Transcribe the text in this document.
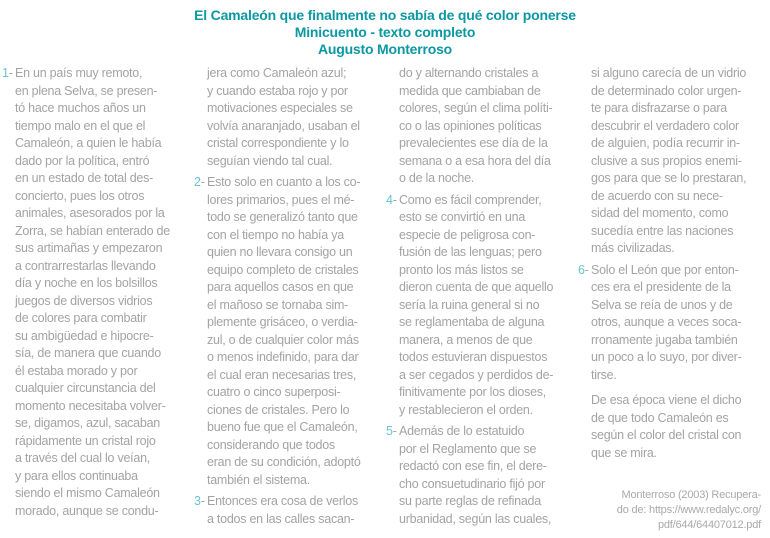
El Camaleón que finalmente no sabía de qué color ponerse
Minicuento - texto completo
Augusto Monterroso
1- En un país muy remoto,
en plena Selva, se presen-
tó hace muchos años un
tiempo malo en el que el
Camaleón, a quien le había
dado por la política, entró
en un estado de total des-
concierto, pues los otros
animales, asesorados por la
Zorra, se habían enterado de
sus artimañas y empezaron
a contrarrestarlas llevando
día y noche en los bolsillos
juegos de diversos vidrios
de colores para combatir
su ambigüedad e hipocre-
sía, de manera que cuando
él estaba morado y por
cualquier circunstancia del
momento necesitaba volver-
se, digamos, azul, sacaban
rápidamente un cristal rojo
a través del cual lo veían,
y para ellos continuaba
siendo el mismo Camaleón
morado, aunque se condu-
jera como Camaleón azul;
y cuando estaba rojo y por
motivaciones especiales se
volvía anaranjado, usaban el
cristal correspondiente y lo
seguían viendo tal cual.
2- Esto solo en cuanto a los co-
lores primarios, pues el mé-
todo se generalizó tanto que
con el tiempo no había ya
quien no llevara consigo un
equipo completo de cristales
para aquellos casos en que
el mañoso se tornaba sim-
plemente grisáceo, o verdia-
zul, o de cualquier color más
o menos indefinido, para dar
el cual eran necesarias tres,
cuatro o cinco superposi-
ciones de cristales. Pero lo
bueno fue que el Camaleón,
considerando que todos
eran de su condición, adoptó
también el sistema.
3- Entonces era cosa de verlos
a todos en las calles sacan-
do y alternando cristales a
medida que cambiaban de
colores, según el clima políti-
co o las opiniones políticas
prevalecientes ese día de la
semana o a esa hora del día
o de la noche.
4- Como es fácil comprender,
esto se convirtió en una
especie de peligrosa con-
fusión de las lenguas; pero
pronto los más listos se
dieron cuenta de que aquello
sería la ruina general si no
se reglamentaba de alguna
manera, a menos de que
todos estuvieran dispuestos
a ser cegados y perdidos de-
finitivamente por los dioses,
y restablecieron el orden.
5- Además de lo estatuido
por el Reglamento que se
redactó con ese fin, el dere-
cho consuetudinario fijó por
su parte reglas de refinada
urbanidad, según las cuales,
si alguno carecía de un vidrio
de determinado color urgen-
te para disfrazarse o para
descubrir el verdadero color
de alguien, podía recurrir in-
clusive a sus propios enemi-
gos para que se lo prestaran,
de acuerdo con su nece-
sidad del momento, como
sucedía entre las naciones
más civilizadas.
6- Solo el León que por enton-
ces era el presidente de la
Selva se reía de unos y de
otros, aunque a veces soca-
rronamente jugaba también
un poco a lo suyo, por diver-
tirse.
De esa época viene el dicho
de que todo Camaleón es
según el color del cristal con
que se mira.
Monterroso (2003) Recupera-
do de: https://www.redalyc.org/
pdf/644/64407012.pdf
